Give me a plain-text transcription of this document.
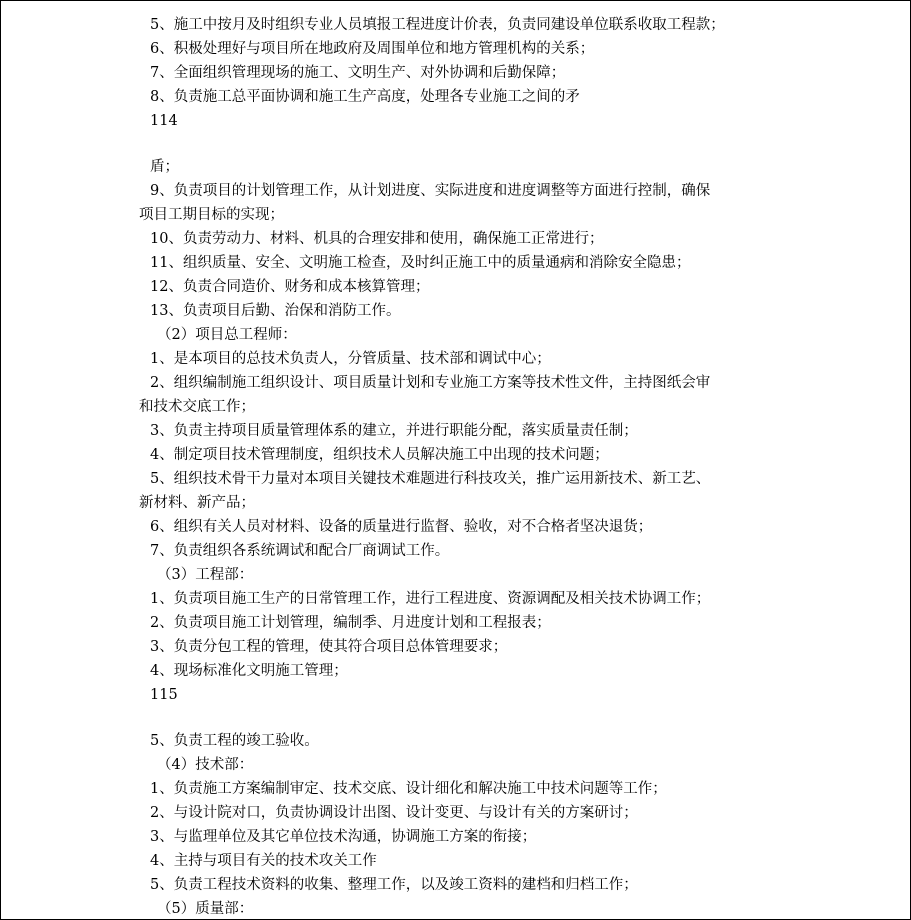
5、施工中按月及时组织专业人员填报工程进度计价表，负责同建设单位联系收取工程款；
6、积极处理好与项目所在地政府及周围单位和地方管理机构的关系；
7、全面组织管理现场的施工、文明生产、对外协调和后勤保障；
8、负责施工总平面协调和施工生产高度，处理各专业施工之间的矛
114
盾；
9、负责项目的计划管理工作，从计划进度、实际进度和进度调整等方面进行控制，确保
项目工期目标的实现；
10、负责劳动力、材料、机具的合理安排和使用，确保施工正常进行；
11、组织质量、安全、文明施工检查，及时纠正施工中的质量通病和消除安全隐患；
12、负责合同造价、财务和成本核算管理；
13、负责项目后勤、治保和消防工作。
（2）项目总工程师：
1、是本项目的总技术负责人，分管质量、技术部和调试中心；
2、组织编制施工组织设计、项目质量计划和专业施工方案等技术性文件，主持图纸会审
和技术交底工作；
3、负责主持项目质量管理体系的建立，并进行职能分配，落实质量责任制；
4、制定项目技术管理制度，组织技术人员解决施工中出现的技术问题；
5、组织技术骨干力量对本项目关键技术难题进行科技攻关，推广运用新技术、新工艺、
新材料、新产品；
6、组织有关人员对材料、设备的质量进行监督、验收，对不合格者坚决退货；
7、负责组织各系统调试和配合厂商调试工作。
（3）工程部：
1、负责项目施工生产的日常管理工作，进行工程进度、资源调配及相关技术协调工作；
2、负责项目施工计划管理，编制季、月进度计划和工程报表；
3、负责分包工程的管理，使其符合项目总体管理要求；
4、现场标准化文明施工管理；
115
5、负责工程的竣工验收。
（4）技术部：
1、负责施工方案编制审定、技术交底、设计细化和解决施工中技术问题等工作；
2、与设计院对口，负责协调设计出图、设计变更、与设计有关的方案研讨；
3、与监理单位及其它单位技术沟通，协调施工方案的衔接；
4、主持与项目有关的技术攻关工作
5、负责工程技术资料的收集、整理工作，以及竣工资料的建档和归档工作；
（5）质量部：
